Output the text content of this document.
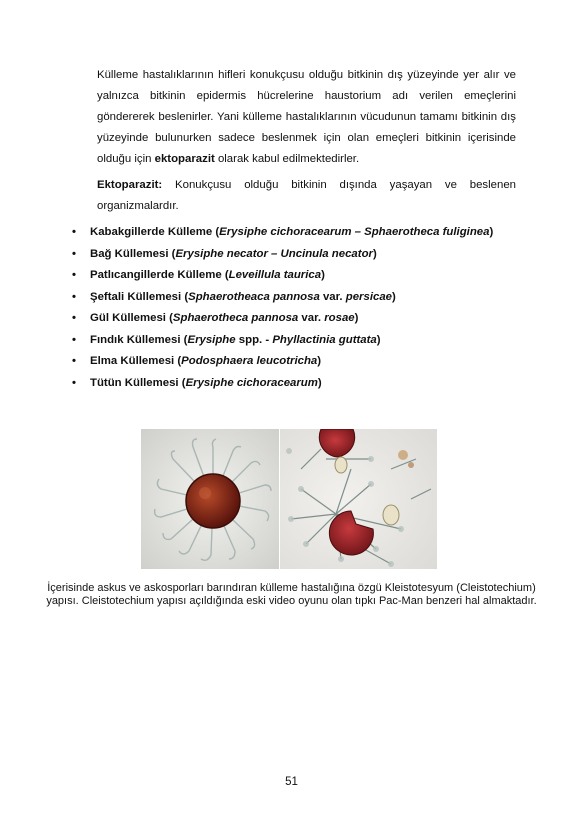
Külleme hastalıklarının hifleri konukçusu olduğu bitkinin dış yüzeyinde yer alır ve yalnızca bitkinin epidermis hücrelerine haustorium adı verilen emeçlerini göndererek beslenirler. Yani külleme hastalıklarının vücudunun tamamı bitkinin dış yüzeyinde bulunurken sadece beslenmek için olan emeçleri bitkinin içerisinde olduğu için ektoparazit olarak kabul edilmektedirler.

Ektoparazit: Konukçusu olduğu bitkinin dışında yaşayan ve beslenen organizmalardır.

• Kabakgillerde Külleme (Erysiphe cichoracearum – Sphaerotheca fuliginea)
• Bağ Küllemesi (Erysiphe necator – Uncinula necator)
• Patlıcangillerde Külleme (Leveillula taurica)
• Şeftali Küllemesi (Sphaerotheaca pannosa var. persicae)
• Gül Küllemesi (Sphaerotheca pannosa var. rosae)
• Fındık Küllemesi (Erysiphe spp. - Phyllactinia guttata)
• Elma Küllemesi (Podosphaera leucotricha)
• Tütün Küllemesi (Erysiphe cichoracearum)

İçerisinde askus ve askosporları barındıran külleme hastalığına özgü Kleistotesyum (Cleistotechium) yapısı. Cleistotechium yapısı açıldığında eski video oyunu olan tıpkı Pac-Man benzeri hal almaktadır.

51
